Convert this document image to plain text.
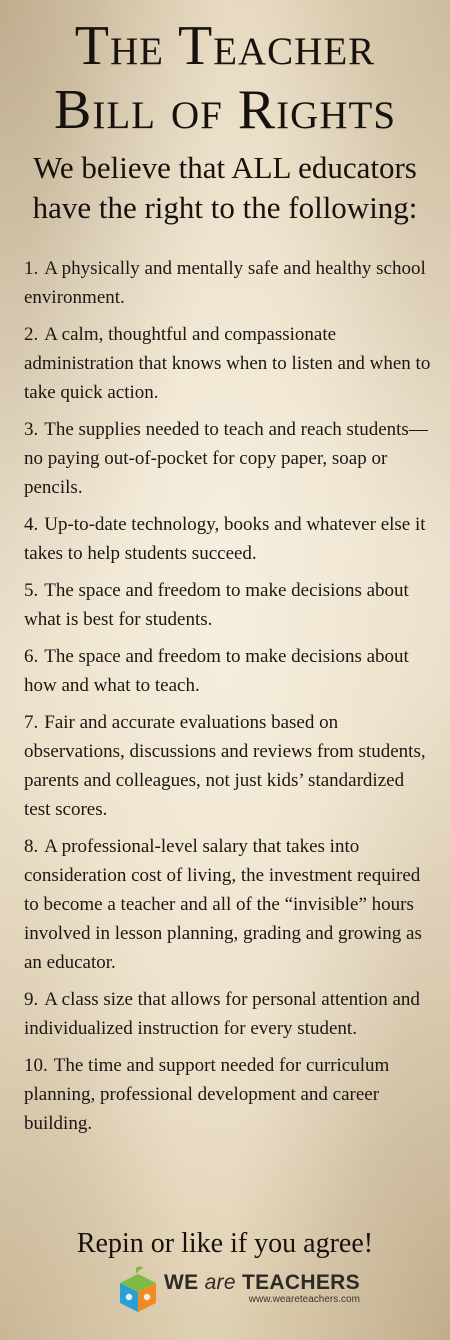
The Teacher
Bill of Rights

We believe that ALL educators have the right to the following:

1. A physically and mentally safe and healthy school environment.
2. A calm, thoughtful and compassionate administration that knows when to listen and when to take quick action.
3. The supplies needed to teach and reach students—no paying out-of-pocket for copy paper, soap or pencils.
4. Up-to-date technology, books and whatever else it takes to help students succeed.
5. The space and freedom to make decisions about what is best for students.
6. The space and freedom to make decisions about how and what to teach.
7. Fair and accurate evaluations based on observations, discussions and reviews from students, parents and colleagues, not just kids’ standardized test scores.
8. A professional-level salary that takes into consideration cost of living, the investment required to become a teacher and all of the “invisible” hours involved in lesson planning, grading and growing as an educator.
9. A class size that allows for personal attention and individualized instruction for every student.
10. The time and support needed for curriculum planning, professional development and career building.
Repin or like if you agree!
WE are TEACHERS
www.weareteachers.com
